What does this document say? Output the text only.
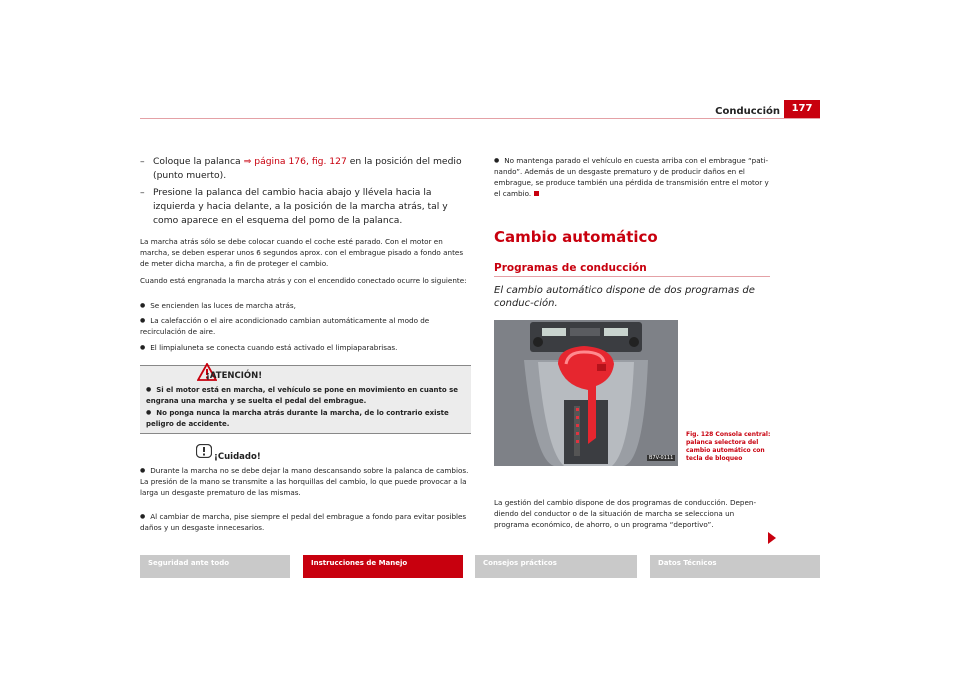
Conducción	177
– Coloque la palanca ⇒ página 176, fig. 127 en la posición del medio (punto muerto).
– Presione la palanca del cambio hacia abajo y llévela hacia la izquierda y hacia delante, a la posición de la marcha atrás, tal y como aparece en el esquema del pomo de la palanca.
La marcha atrás sólo se debe colocar cuando el coche esté parado. Con el motor en marcha, se deben esperar unos 6 segundos aprox. con el embrague pisado a fondo antes de meter dicha marcha, a fin de proteger el cambio.
Cuando está engranada la marcha atrás y con el encendido conectado ocurre lo siguiente:
● Se encienden las luces de marcha atrás,
● La calefacción o el aire acondicionado cambian automáticamente al modo de recirculación de aire.
● El limpialuneta se conecta cuando está activado el limpiaparabrisas.
¡ATENCIÓN!
● Si el motor está en marcha, el vehículo se pone en movimiento en cuanto se engrana una marcha y se suelta el pedal del embrague.
● No ponga nunca la marcha atrás durante la marcha, de lo contrario existe peligro de accidente.
¡Cuidado!
● Durante la marcha no se debe dejar la mano descansando sobre la palanca de cambios. La presión de la mano se transmite a las horquillas del cambio, lo que puede provocar a la larga un desgaste prematuro de las mismas.
● Al cambiar de marcha, pise siempre el pedal del embrague a fondo para evitar posibles daños y un desgaste innecesarios.
● No mantenga parado el vehículo en cuesta arriba con el embrague “pati-nando”. Además de un desgaste prematuro y de producir daños en el embrague, se produce también una pérdida de transmisión entre el motor y el cambio.
Cambio automático
Programas de conducción
El cambio automático dispone de dos programas de conduc-ción.
B7V-0111
Fig. 128 Consola central: palanca selectora del cambio automático con tecla de bloqueo
La gestión del cambio dispone de dos programas de conducción. Depen-diendo del conductor o de la situación de marcha se selecciona un programa económico, de ahorro, o un programa “deportivo”.
Seguridad ante todo	Instrucciones de Manejo	Consejos prácticos	Datos Técnicos
